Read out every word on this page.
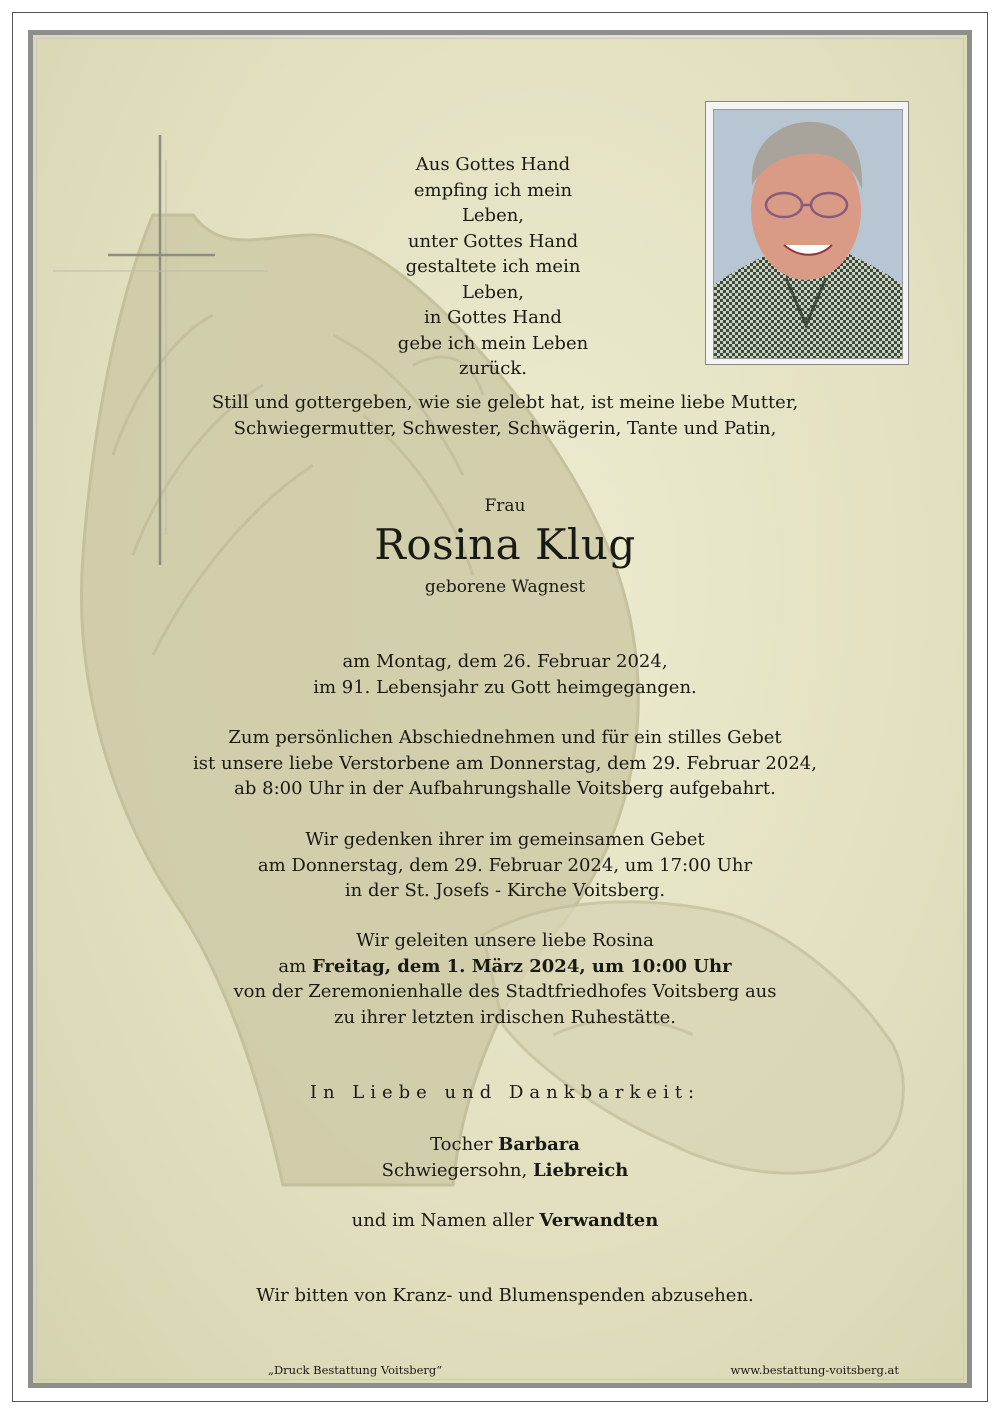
Aus Gottes Hand
empfing ich mein Leben,
unter Gottes Hand
gestaltete ich mein Leben,
in Gottes Hand
gebe ich mein Leben zurück.
Still und gottergeben, wie sie gelebt hat, ist meine liebe Mutter,
Schwiegermutter, Schwester, Schwägerin, Tante und Patin,
Frau
Rosina Klug
geborene Wagnest
am Montag, dem 26. Februar 2024,
im 91. Lebensjahr zu Gott heimgegangen.
Zum persönlichen Abschiednehmen und für ein stilles Gebet
ist unsere liebe Verstorbene am Donnerstag, dem 29. Februar 2024,
ab 8:00 Uhr in der Aufbahrungshalle Voitsberg aufgebahrt.
Wir gedenken ihrer im gemeinsamen Gebet
am Donnerstag, dem 29. Februar 2024, um 17:00 Uhr
in der St. Josefs - Kirche Voitsberg.
Wir geleiten unsere liebe Rosina
am Freitag, dem 1. März 2024, um 10:00 Uhr
von der Zeremonienhalle des Stadtfriedhofes Voitsberg aus
zu ihrer letzten irdischen Ruhestätte.
In Liebe und Dankbarkeit:
Tocher Barbara
Schwiegersohn, Liebreich
und im Namen aller Verwandten
Wir bitten von Kranz- und Blumenspenden abzusehen.
„Druck Bestattung Voitsberg“	www.bestattung-voitsberg.at
